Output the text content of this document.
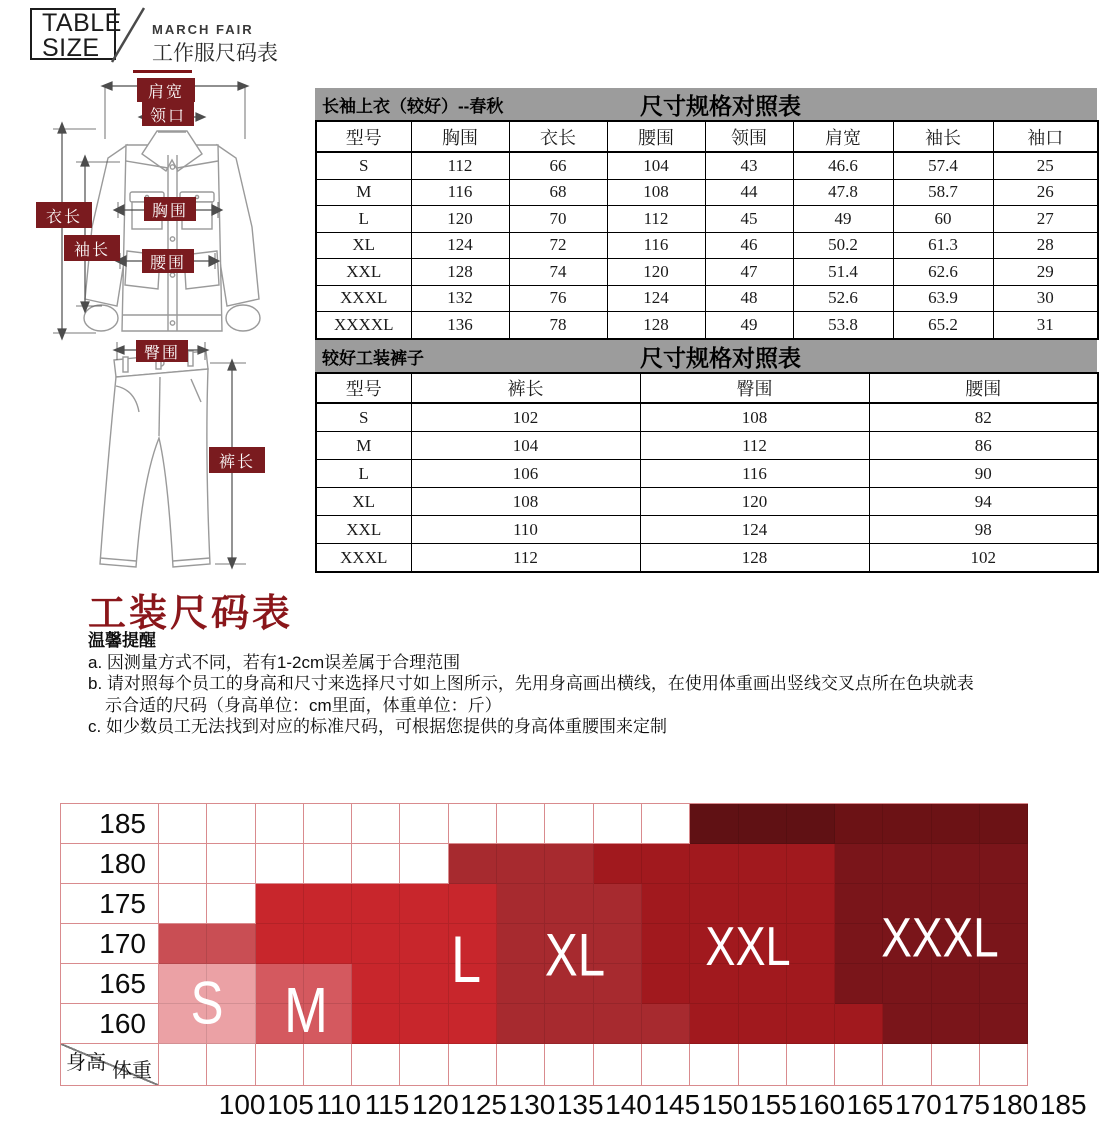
TABLE
SIZE
MARCH FAIR
工作服尺码表
肩宽
领口
衣长
袖长
胸围
腰围
臀围
裤长
长袖上衣（较好）--春秋	尺寸规格对照表
型号	胸围	衣长	腰围	领围	肩宽	袖长	袖口
S	112	66	104	43	46.6	57.4	25
M	116	68	108	44	47.8	58.7	26
L	120	70	112	45	49	60	27
XL	124	72	116	46	50.2	61.3	28
XXL	128	74	120	47	51.4	62.6	29
XXXL	132	76	124	48	52.6	63.9	30
XXXXL	136	78	128	49	53.8	65.2	31
较好工装裤子	尺寸规格对照表
型号	裤长	臀围	腰围
S	102	108	82
M	104	112	86
L	106	116	90
XL	108	120	94
XXL	110	124	98
XXXL	112	128	102
工装尺码表
温馨提醒
a. 因测量方式不同，若有1-2cm误差属于合理范围
b. 请对照每个员工的身高和尺寸来选择尺寸如上图所示，先用身高画出横线，在使用体重画出竖线交叉点所在色块就表
示合适的尺码（身高单位：cm里面，体重单位：斤）
c. 如少数员工无法找到对应的标准尺码，可根据您提供的身高体重腰围来定制
185
180
175
170
165
160
身高 体重
S M
L XL XXL XXXL
100 105 110 115 120 125 130 135 140 145 150 155 160 165 170 175 180 185
